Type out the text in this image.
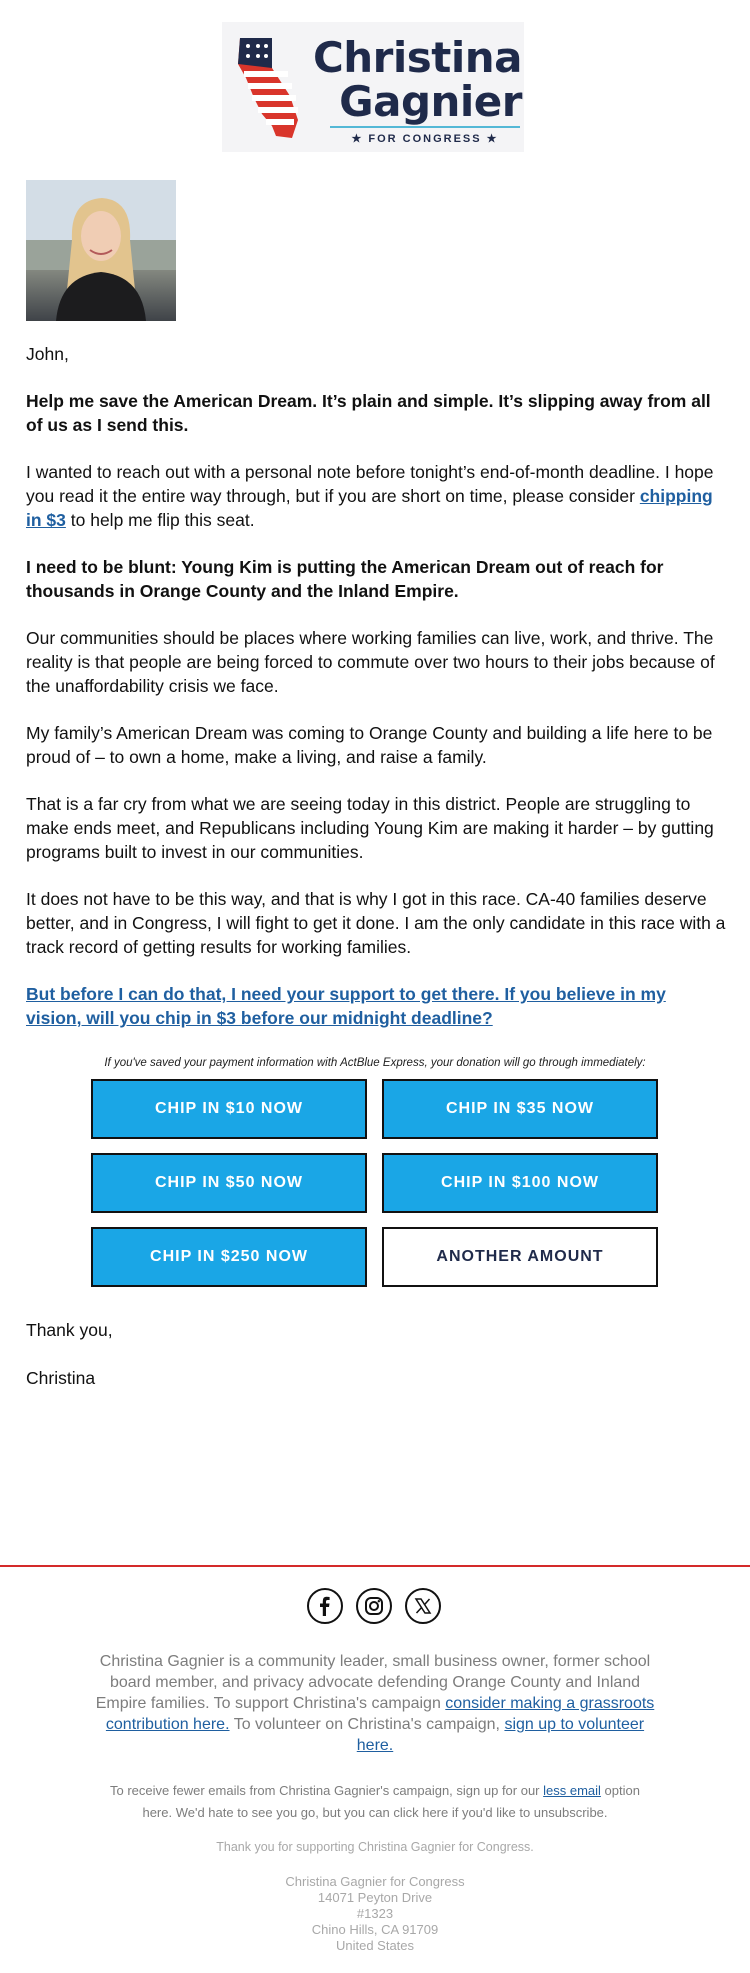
Christina
Gagnier
★ FOR CONGRESS ★

John,

Help me save the American Dream. It’s plain and simple. It’s slipping away from all of us as I send this.

I wanted to reach out with a personal note before tonight’s end-of-month deadline. I hope you read it the entire way through, but if you are short on time, please consider chipping in $3 to help me flip this seat.

I need to be blunt: Young Kim is putting the American Dream out of reach for thousands in Orange County and the Inland Empire.

Our communities should be places where working families can live, work, and thrive. The reality is that people are being forced to commute over two hours to their jobs because of the unaffordability crisis we face.

My family’s American Dream was coming to Orange County and building a life here to be proud of – to own a home, make a living, and raise a family.

That is a far cry from what we are seeing today in this district. People are struggling to make ends meet, and Republicans including Young Kim are making it harder – by gutting programs built to invest in our communities.

It does not have to be this way, and that is why I got in this race. CA-40 families deserve better, and in Congress, I will fight to get it done. I am the only candidate in this race with a track record of getting results for working families.

But before I can do that, I need your support to get there. If you believe in my vision, will you chip in $3 before our midnight deadline?

If you've saved your payment information with ActBlue Express, your donation will go through immediately:
CHIP IN $10 NOW	CHIP IN $35 NOW
CHIP IN $50 NOW	CHIP IN $100 NOW
CHIP IN $250 NOW	ANOTHER AMOUNT

Thank you,

Christina

Christina Gagnier is a community leader, small business owner, former school board member, and privacy advocate defending Orange County and Inland Empire families. To support Christina's campaign consider making a grassroots contribution here. To volunteer on Christina's campaign, sign up to volunteer here.
To receive fewer emails from Christina Gagnier's campaign, sign up for our less email option here. We'd hate to see you go, but you can click here if you'd like to unsubscribe.
Thank you for supporting Christina Gagnier for Congress.
Christina Gagnier for Congress
14071 Peyton Drive
#1323
Chino Hills, CA 91709
United States
